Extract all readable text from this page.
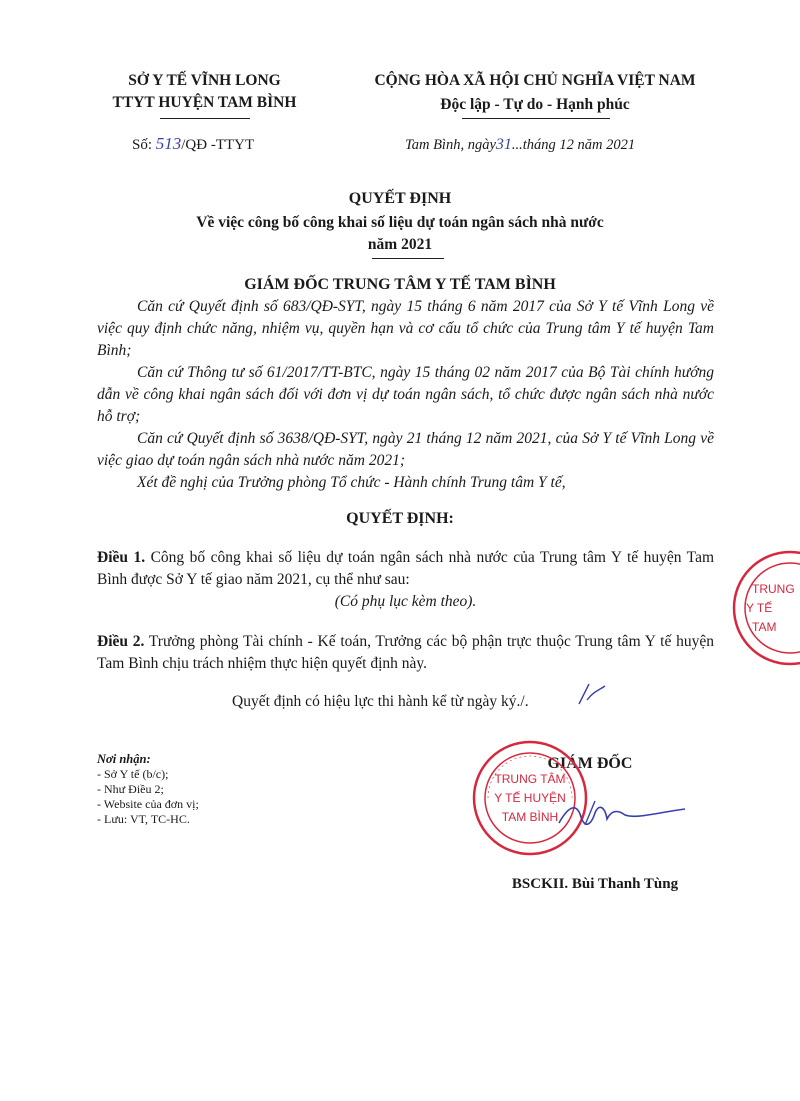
SỞ Y TẾ VĨNH LONG
TTYT HUYỆN TAM BÌNH
Số: 513/QĐ -TTYT
CỘNG HÒA XÃ HỘI CHỦ NGHĨA VIỆT NAM
Độc lập - Tự do - Hạnh phúc
Tam Bình, ngày31...tháng 12 năm 2021
QUYẾT ĐỊNH
Về việc công bố công khai số liệu dự toán ngân sách nhà nước
năm 2021
GIÁM ĐỐC TRUNG TÂM Y TẾ TAM BÌNH
Căn cứ Quyết định số 683/QĐ-SYT, ngày 15 tháng 6 năm 2017 của Sở Y tế Vĩnh Long về việc quy định chức năng, nhiệm vụ, quyền hạn và cơ cấu tổ chức của Trung tâm Y tế huyện Tam Bình;
Căn cứ Thông tư số 61/2017/TT-BTC, ngày 15 tháng 02 năm 2017 của Bộ Tài chính hướng dẫn về công khai ngân sách đối với đơn vị dự toán ngân sách, tổ chức được ngân sách nhà nước hỗ trợ;
Căn cứ Quyết định số 3638/QĐ-SYT, ngày 21 tháng 12 năm 2021, của Sở Y tế Vĩnh Long về việc giao dự toán ngân sách nhà nước năm 2021;
Xét đề nghị của Trưởng phòng Tổ chức - Hành chính Trung tâm Y tế,
QUYẾT ĐỊNH:
Điều 1. Công bố công khai số liệu dự toán ngân sách nhà nước của Trung tâm Y tế huyện Tam Bình được Sở Y tế giao năm 2021, cụ thể như sau:
(Có phụ lục kèm theo).
Điều 2. Trưởng phòng Tài chính - Kế toán, Trưởng các bộ phận trực thuộc Trung tâm Y tế huyện Tam Bình chịu trách nhiệm thực hiện quyết định này.
Quyết định có hiệu lực thi hành kể từ ngày ký./.
Nơi nhận:
- Sở Y tế (b/c);
- Như Điều 2;
- Website của đơn vị;
- Lưu: VT, TC-HC.
GIÁM ĐỐC
TRUNG TÂM
Y TẾ HUYỆN
TAM BÌNH
BSCKII. Bùi Thanh Tùng
TRUNG
Y TẾ
TAM
